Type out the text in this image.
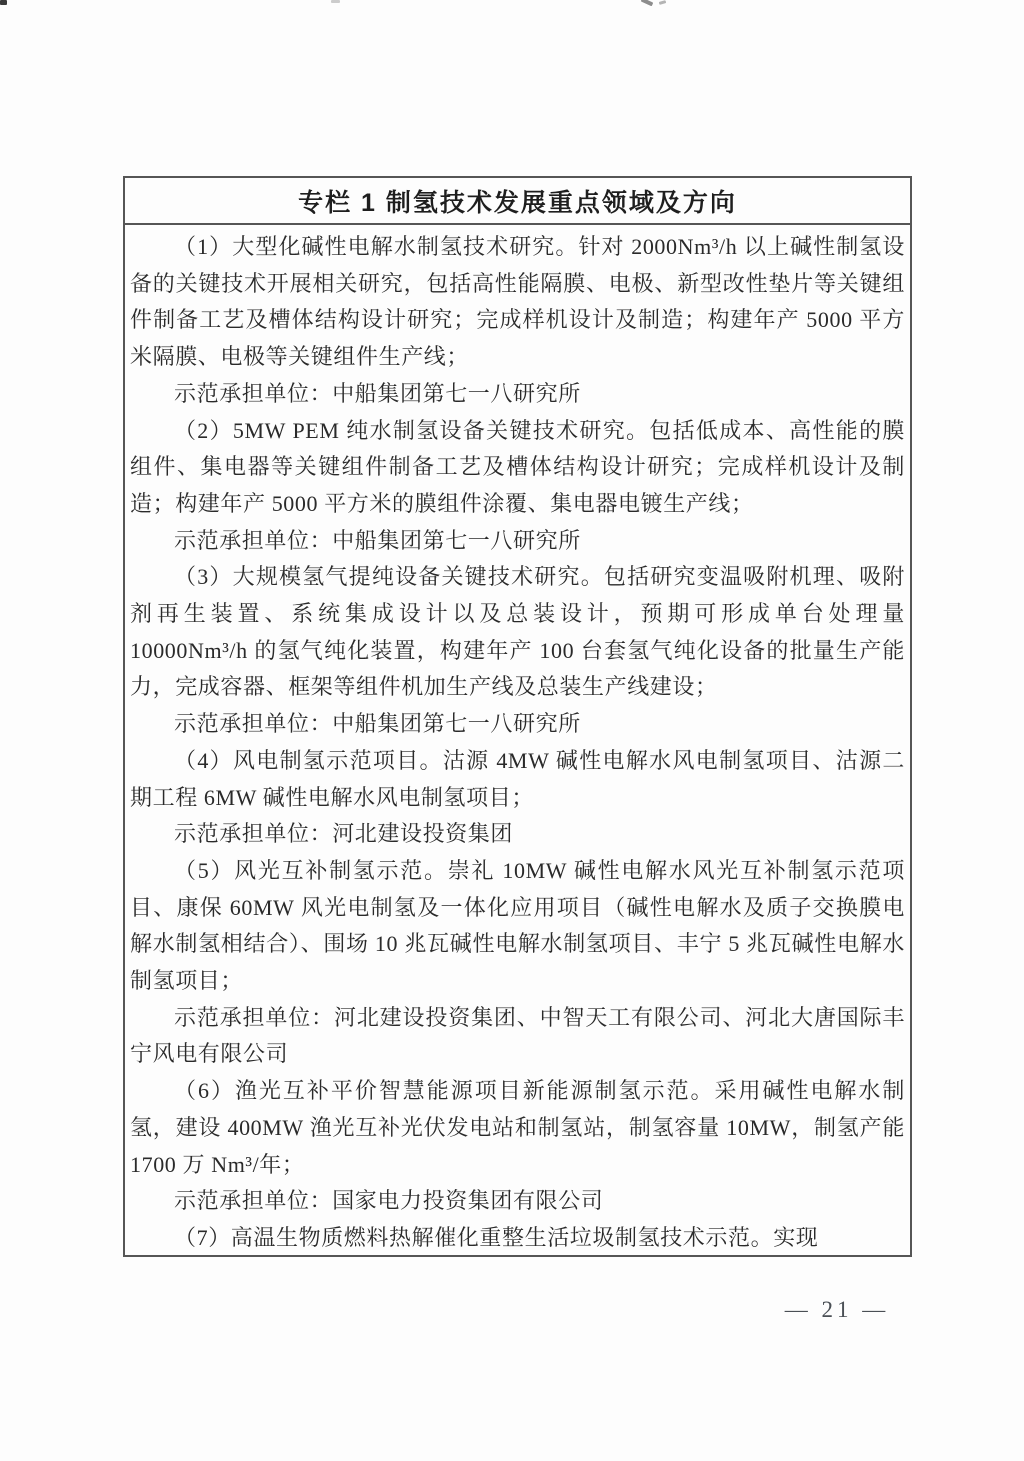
专栏 1 制氢技术发展重点领域及方向

（1）大型化碱性电解水制氢技术研究。针对 2000Nm³/h 以上碱性制氢设备的关键技术开展相关研究，包括高性能隔膜、电极、新型改性垫片等关键组件制备工艺及槽体结构设计研究；完成样机设计及制造；构建年产 5000 平方米隔膜、电极等关键组件生产线；

示范承担单位：中船集团第七一八研究所

（2）5MW PEM 纯水制氢设备关键技术研究。包括低成本、高性能的膜组件、集电器等关键组件制备工艺及槽体结构设计研究；完成样机设计及制造；构建年产 5000 平方米的膜组件涂覆、集电器电镀生产线；

示范承担单位：中船集团第七一八研究所

（3）大规模氢气提纯设备关键技术研究。包括研究变温吸附机理、吸附剂再生装置、系统集成设计以及总装设计，预期可形成单台处理量 10000Nm³/h 的氢气纯化装置，构建年产 100 台套氢气纯化设备的批量生产能力，完成容器、框架等组件机加生产线及总装生产线建设；

示范承担单位：中船集团第七一八研究所

（4）风电制氢示范项目。沽源 4MW 碱性电解水风电制氢项目、沽源二期工程 6MW 碱性电解水风电制氢项目；

示范承担单位：河北建设投资集团

（5）风光互补制氢示范。崇礼 10MW 碱性电解水风光互补制氢示范项目、康保 60MW 风光电制氢及一体化应用项目（碱性电解水及质子交换膜电解水制氢相结合）、围场 10 兆瓦碱性电解水制氢项目、丰宁 5 兆瓦碱性电解水制氢项目；

示范承担单位：河北建设投资集团、中智天工有限公司、河北大唐国际丰宁风电有限公司

（6）渔光互补平价智慧能源项目新能源制氢示范。采用碱性电解水制氢，建设 400MW 渔光互补光伏发电站和制氢站，制氢容量 10MW，制氢产能 1700 万 Nm³/年；

示范承担单位：国家电力投资集团有限公司

（7）高温生物质燃料热解催化重整生活垃圾制氢技术示范。实现

— 21 —
